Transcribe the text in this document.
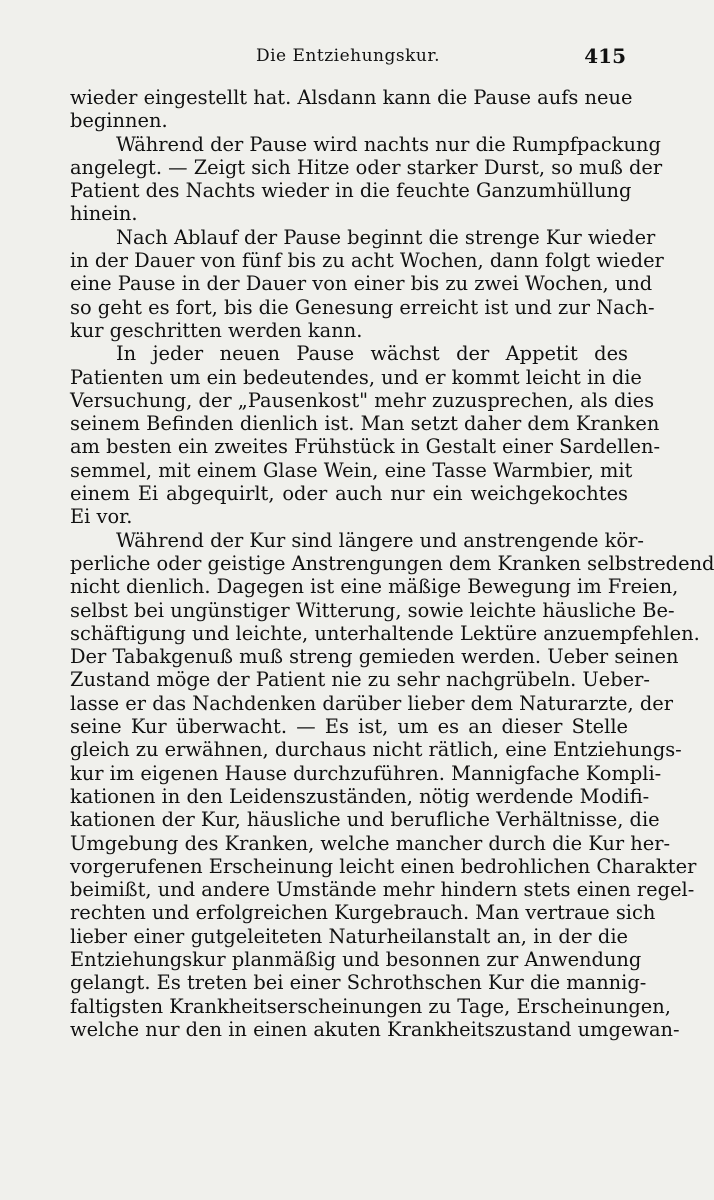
Die Entziehungskur.	415
wieder eingestellt hat. Alsdann kann die Pause aufs neue
beginnen.
Während der Pause wird nachts nur die Rumpfpackung
angelegt. — Zeigt sich Hitze oder starker Durst, so muß der
Patient des Nachts wieder in die feuchte Ganzumhüllung
hinein.
Nach Ablauf der Pause beginnt die strenge Kur wieder
in der Dauer von fünf bis zu acht Wochen, dann folgt wieder
eine Pause in der Dauer von einer bis zu zwei Wochen, und
so geht es fort, bis die Genesung erreicht ist und zur Nach-
kur geschritten werden kann.
In jeder neuen Pause wächst der Appetit des
Patienten um ein bedeutendes, und er kommt leicht in die
Versuchung, der „Pausenkost" mehr zuzusprechen, als dies
seinem Befinden dienlich ist. Man setzt daher dem Kranken
am besten ein zweites Frühstück in Gestalt einer Sardellen-
semmel, mit einem Glase Wein, eine Tasse Warmbier, mit
einem Ei abgequirlt, oder auch nur ein weichgekochtes
Ei vor.
Während der Kur sind längere und anstrengende kör-
perliche oder geistige Anstrengungen dem Kranken selbstredend
nicht dienlich. Dagegen ist eine mäßige Bewegung im Freien,
selbst bei ungünstiger Witterung, sowie leichte häusliche Be-
schäftigung und leichte, unterhaltende Lektüre anzuempfehlen.
Der Tabakgenuß muß streng gemieden werden. Ueber seinen
Zustand möge der Patient nie zu sehr nachgrübeln. Ueber-
lasse er das Nachdenken darüber lieber dem Naturarzte, der
seine Kur überwacht. — Es ist, um es an dieser Stelle
gleich zu erwähnen, durchaus nicht rätlich, eine Entziehungs-
kur im eigenen Hause durchzuführen. Mannigfache Kompli-
kationen in den Leidenszuständen, nötig werdende Modifi-
kationen der Kur, häusliche und berufliche Verhältnisse, die
Umgebung des Kranken, welche mancher durch die Kur her-
vorgerufenen Erscheinung leicht einen bedrohlichen Charakter
beimißt, und andere Umstände mehr hindern stets einen regel-
rechten und erfolgreichen Kurgebrauch. Man vertraue sich
lieber einer gutgeleiteten Naturheilanstalt an, in der die
Entziehungskur planmäßig und besonnen zur Anwendung
gelangt. Es treten bei einer Schrothschen Kur die mannig-
faltigsten Krankheitserscheinungen zu Tage, Erscheinungen,
welche nur den in einen akuten Krankheitszustand umgewan-
